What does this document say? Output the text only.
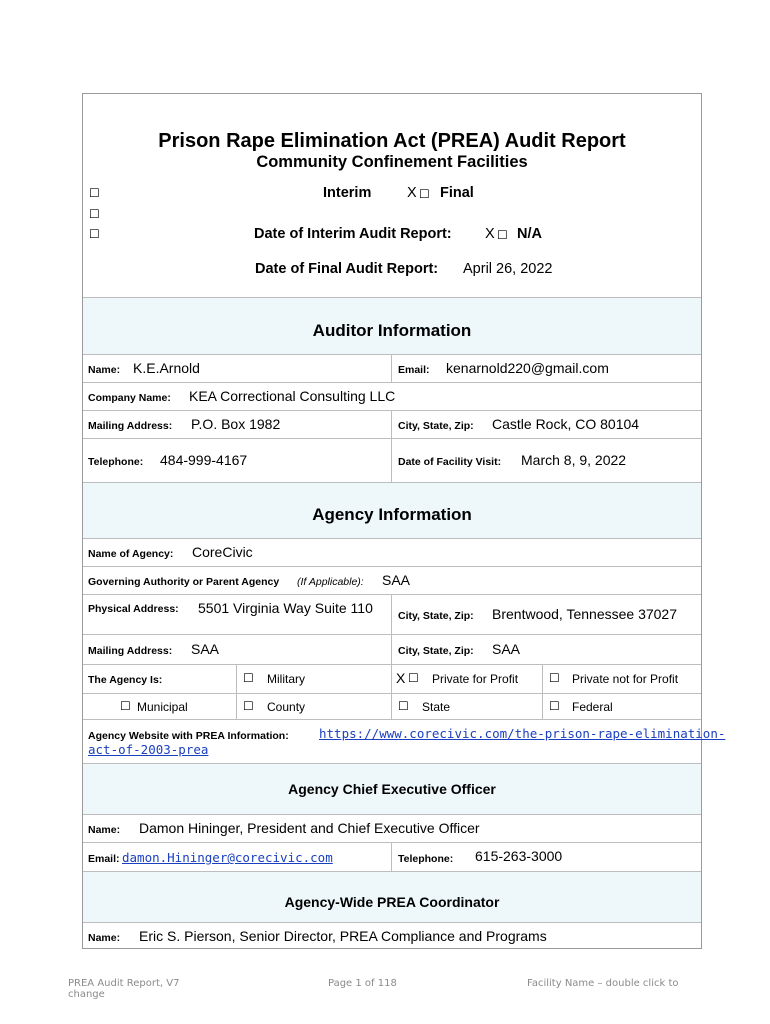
Prison Rape Elimination Act (PREA) Audit Report
Community Confinement Facilities
☐
☐
☐
Interim X ☐ Final
Date of Interim Audit Report: X ☐ N/A
Date of Final Audit Report: April 26, 2022
Auditor Information
Name: K.E.Arnold	Email: kenarnold220@gmail.com
Company Name: KEA Correctional Consulting LLC
Mailing Address: P.O. Box 1982	City, State, Zip: Castle Rock, CO 80104
Telephone: 484-999-4167	Date of Facility Visit: March 8, 9, 2022
Agency Information
Name of Agency: CoreCivic
Governing Authority or Parent Agency (If Applicable): SAA
Physical Address: 5501 Virginia Way Suite 110 City, State, Zip: Brentwood, Tennessee 37027
Mailing Address: SAA	City, State, Zip: SAA
The Agency Is:	☐ Military	X ☐ Private for Profit	☐ Private not for Profit
☐ Municipal	☐ County	☐ State	☐ Federal
Agency Website with PREA Information: https://www.corecivic.com/the-prison-rape-elimination-
act-of-2003-prea
Agency Chief Executive Officer
Name: Damon Hininger, President and Chief Executive Officer
Email: damon.Hininger@corecivic.com	Telephone: 615-263-3000
Agency-Wide PREA Coordinator
Name: Eric S. Pierson, Senior Director, PREA Compliance and Programs
PREA Audit Report, V7
change
Page 1 of 118	Facility Name – double click to
